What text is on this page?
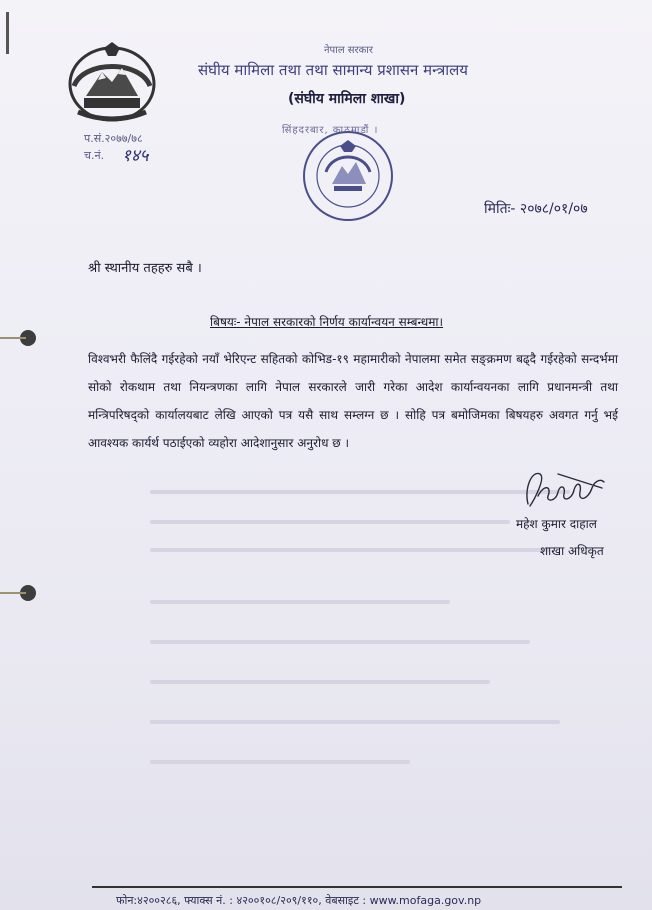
नेपाल सरकार
संघीय मामिला तथा तथा सामान्य प्रशासन मन्त्रालय
(संघीय मामिला शाखा)
सिंहदरबार, काठमाडौं ।
प.सं.२०७७/७८
च.नं. १४५
मितिः- २०७८/०१/०७
श्री स्थानीय तहहरु सबै ।
बिषयः- नेपाल सरकारको निर्णय कार्यान्वयन सम्बन्धमा।
विश्वभरी फैलिंदै गईरहेको नयाँ भेरिएन्ट सहितको कोभिड-१९ महामारीको नेपालमा समेत सङ्क्रमण बढ्दै गईरहेको सन्दर्भमा सोको रोकथाम तथा नियन्त्रणका लागि नेपाल सरकारले जारी गरेका आदेश कार्यान्वयनका लागि प्रधानमन्त्री तथा मन्त्रिपरिषद्को कार्यालयबाट लेखि आएको पत्र यसै साथ सम्लग्न छ । सोहि पत्र बमोजिमका बिषयहरु अवगत गर्नु भई आवश्यक कार्यर्थ पठाईएको व्यहोरा आदेशानुसार अनुरोध छ ।
महेश कुमार दाहाल
शाखा अधिकृत
फोन:४२००२८६, फ्याक्स नं. : ४२००१०८/२०९/११०, वेबसाइट : www.mofaga.gov.np
